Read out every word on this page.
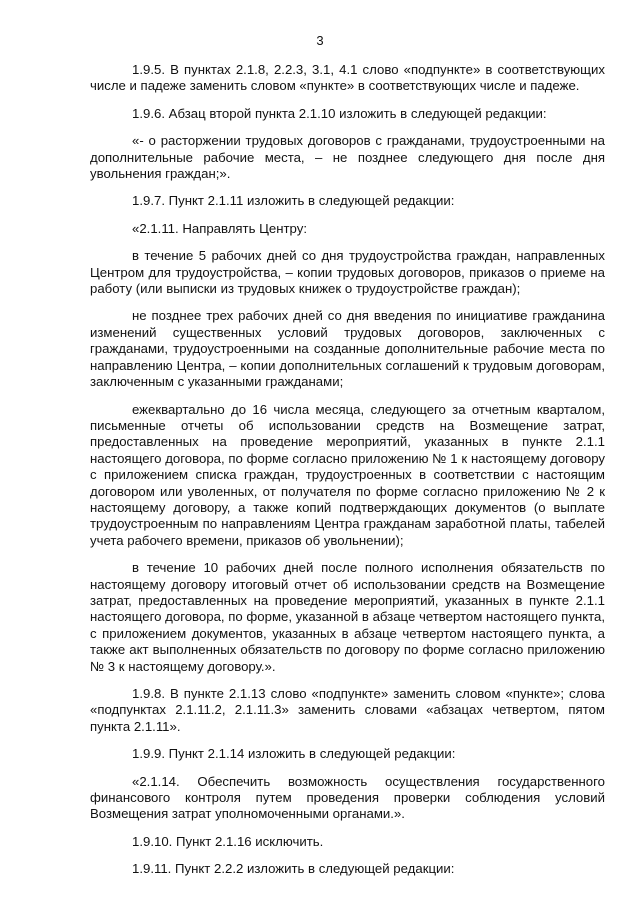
3

1.9.5. В пунктах 2.1.8, 2.2.3, 3.1, 4.1 слово «подпункте» в соответствующих числе и падеже заменить словом «пункте» в соответствующих числе и падеже.

1.9.6. Абзац второй пункта 2.1.10 изложить в следующей редакции:

«- о расторжении трудовых договоров с гражданами, трудоустроенными на дополнительные рабочие места, – не позднее следующего дня после дня увольнения граждан;».

1.9.7. Пункт 2.1.11 изложить в следующей редакции:

«2.1.11. Направлять Центру:

в течение 5 рабочих дней со дня трудоустройства граждан, направленных Центром для трудоустройства, – копии трудовых договоров, приказов о приеме на работу (или выписки из трудовых книжек о трудоустройстве граждан);

не позднее трех рабочих дней со дня введения по инициативе гражданина изменений существенных условий трудовых договоров, заключенных с гражданами, трудоустроенными на созданные дополнительные рабочие места по направлению Центра, – копии дополнительных соглашений к трудовым договорам, заключенным с указанными гражданами;

ежеквартально до 16 числа месяца, следующего за отчетным кварталом, письменные отчеты об использовании средств на Возмещение затрат, предоставленных на проведение мероприятий, указанных в пункте 2.1.1 настоящего договора, по форме согласно приложению № 1 к настоящему договору с приложением списка граждан, трудоустроенных в соответствии с настоящим договором или уволенных, от получателя по форме согласно приложению № 2 к настоящему договору, а также копий подтверждающих документов (о выплате трудоустроенным по направлениям Центра гражданам заработной платы, табелей учета рабочего времени, приказов об увольнении);

в течение 10 рабочих дней после полного исполнения обязательств по настоящему договору итоговый отчет об использовании средств на Возмещение затрат, предоставленных на проведение мероприятий, указанных в пункте 2.1.1 настоящего договора, по форме, указанной в абзаце четвертом настоящего пункта, с приложением документов, указанных в абзаце четвертом настоящего пункта, а также акт выполненных обязательств по договору по форме согласно приложению № 3 к настоящему договору.».

1.9.8. В пункте 2.1.13 слово «подпункте» заменить словом «пункте»; слова «подпунктах 2.1.11.2, 2.1.11.3» заменить словами «абзацах четвертом, пятом пункта 2.1.11».

1.9.9. Пункт 2.1.14 изложить в следующей редакции:

«2.1.14. Обеспечить возможность осуществления государственного финансового контроля путем проведения проверки соблюдения условий Возмещения затрат уполномоченными органами.».

1.9.10. Пункт 2.1.16 исключить.

1.9.11. Пункт 2.2.2 изложить в следующей редакции:
